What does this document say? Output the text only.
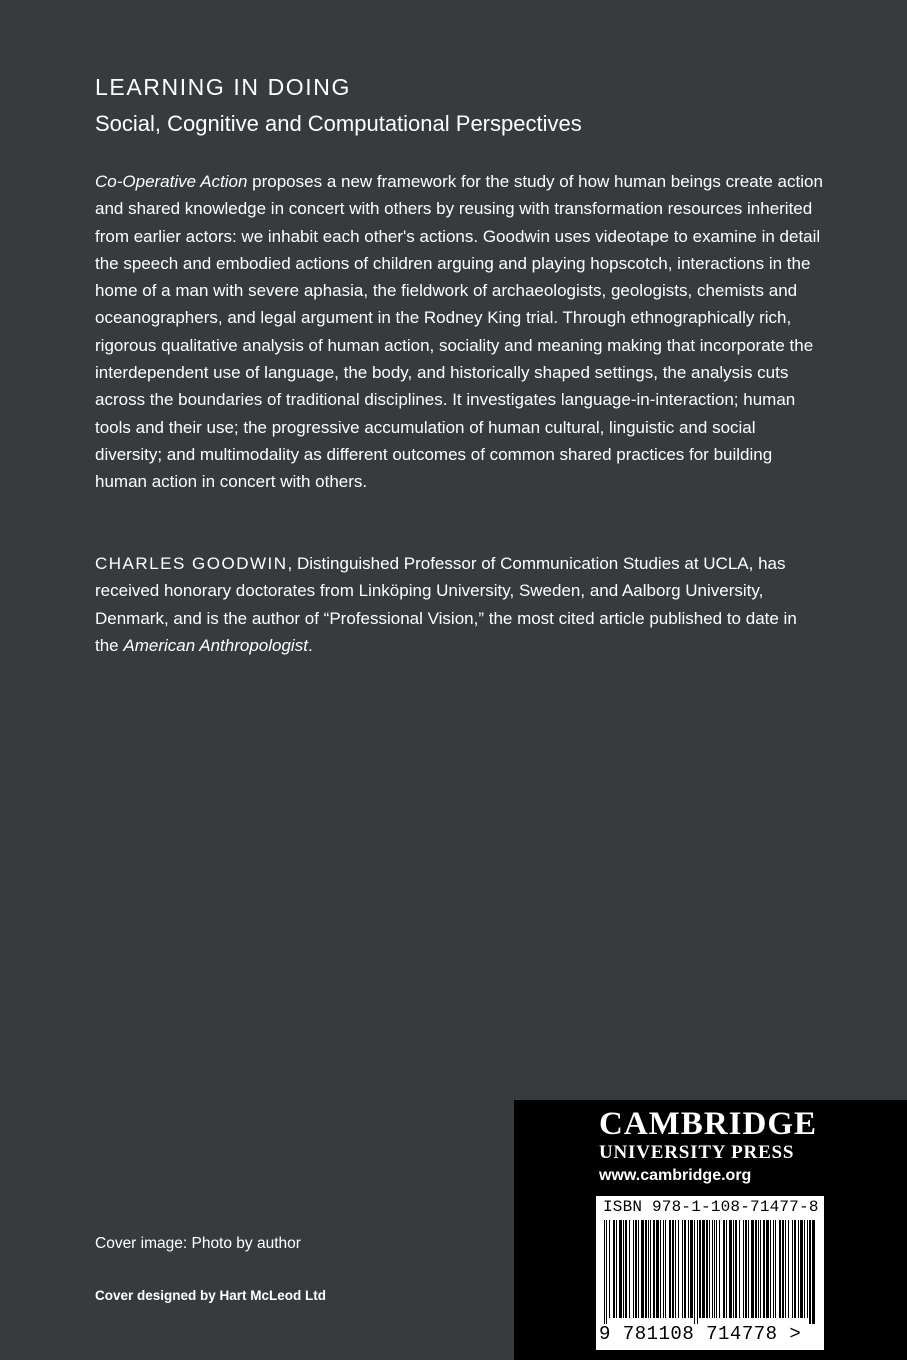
LEARNING IN DOING
Social, Cognitive and Computational Perspectives

Co-Operative Action proposes a new framework for the study of how human beings create action and shared knowledge in concert with others by reusing with transformation resources inherited from earlier actors: we inhabit each other's actions. Goodwin uses videotape to examine in detail the speech and embodied actions of children arguing and playing hopscotch, interactions in the home of a man with severe aphasia, the fieldwork of archaeologists, geologists, chemists and oceanographers, and legal argument in the Rodney King trial. Through ethnographically rich, rigorous qualitative analysis of human action, sociality and meaning making that incorporate the interdependent use of language, the body, and historically shaped settings, the analysis cuts across the boundaries of traditional disciplines. It investigates language-in-interaction; human tools and their use; the progressive accumulation of human cultural, linguistic and social diversity; and multimodality as different outcomes of common shared practices for building human action in concert with others.

CHARLES GOODWIN, Distinguished Professor of Communication Studies at UCLA, has received honorary doctorates from Linköping University, Sweden, and Aalborg University, Denmark, and is the author of “Professional Vision,” the most cited article published to date in the American Anthropologist.

Cover image: Photo by author
Cover designed by Hart McLeod Ltd
CAMBRIDGE
UNIVERSITY PRESS
www.cambridge.org
ISBN 978-1-108-71477-8
9 781108 714778 >
